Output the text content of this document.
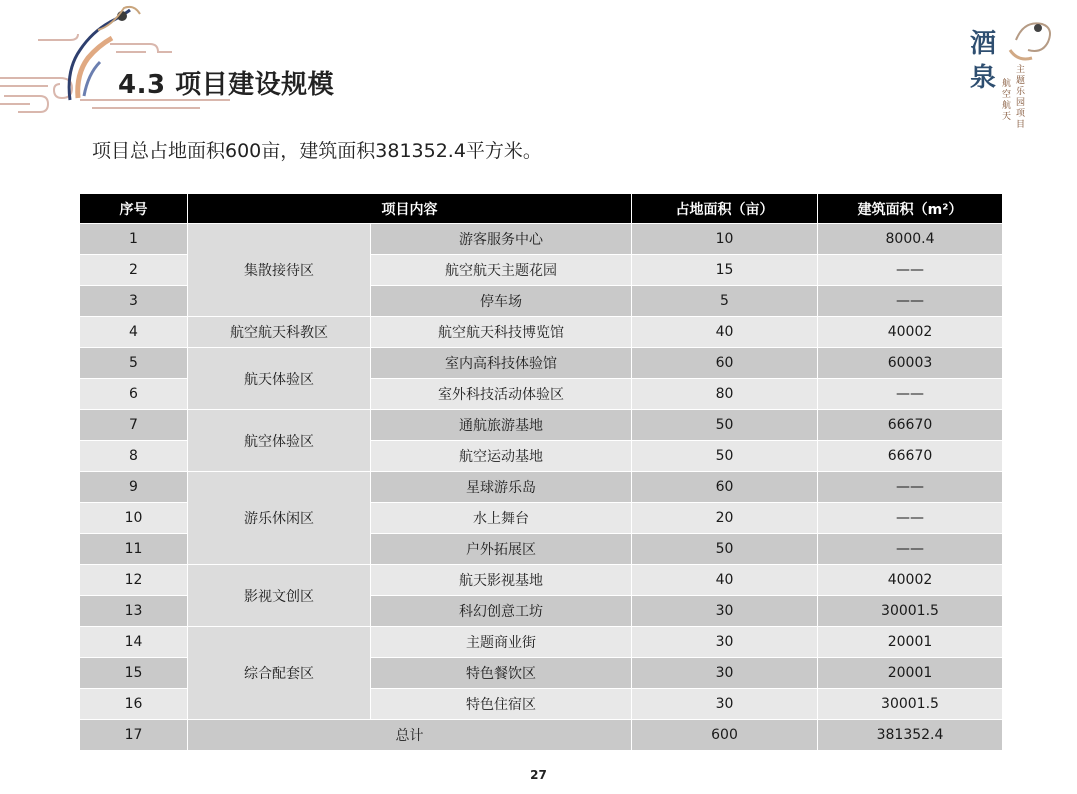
酒
泉 航
空
航
天
主
题
乐
园
项
目
4.3 项目建设规模
项目总占地面积600亩，建筑面积381352.4平方米。
序号	项目内容		占地面积（亩）	建筑面积（m²）
1	集散接待区	游客服务中心	10	8000.4
2		航空航天主题花园	15	——
3		停车场	5	——
4	航空航天科教区	航空航天科技博览馆	40	40002
5	航天体验区	室内高科技体验馆	60	60003
6		室外科技活动体验区	80	——
7	航空体验区	通航旅游基地	50	66670
8		航空运动基地	50	66670
9	游乐休闲区	星球游乐岛	60	——
10		水上舞台	20	——
11		户外拓展区	50	——
12	影视文创区	航天影视基地	40	40002
13		科幻创意工坊	30	30001.5
14	综合配套区	主题商业街	30	20001
15		特色餐饮区	30	20001
16		特色住宿区	30	30001.5
17	总计		600	381352.4
27
